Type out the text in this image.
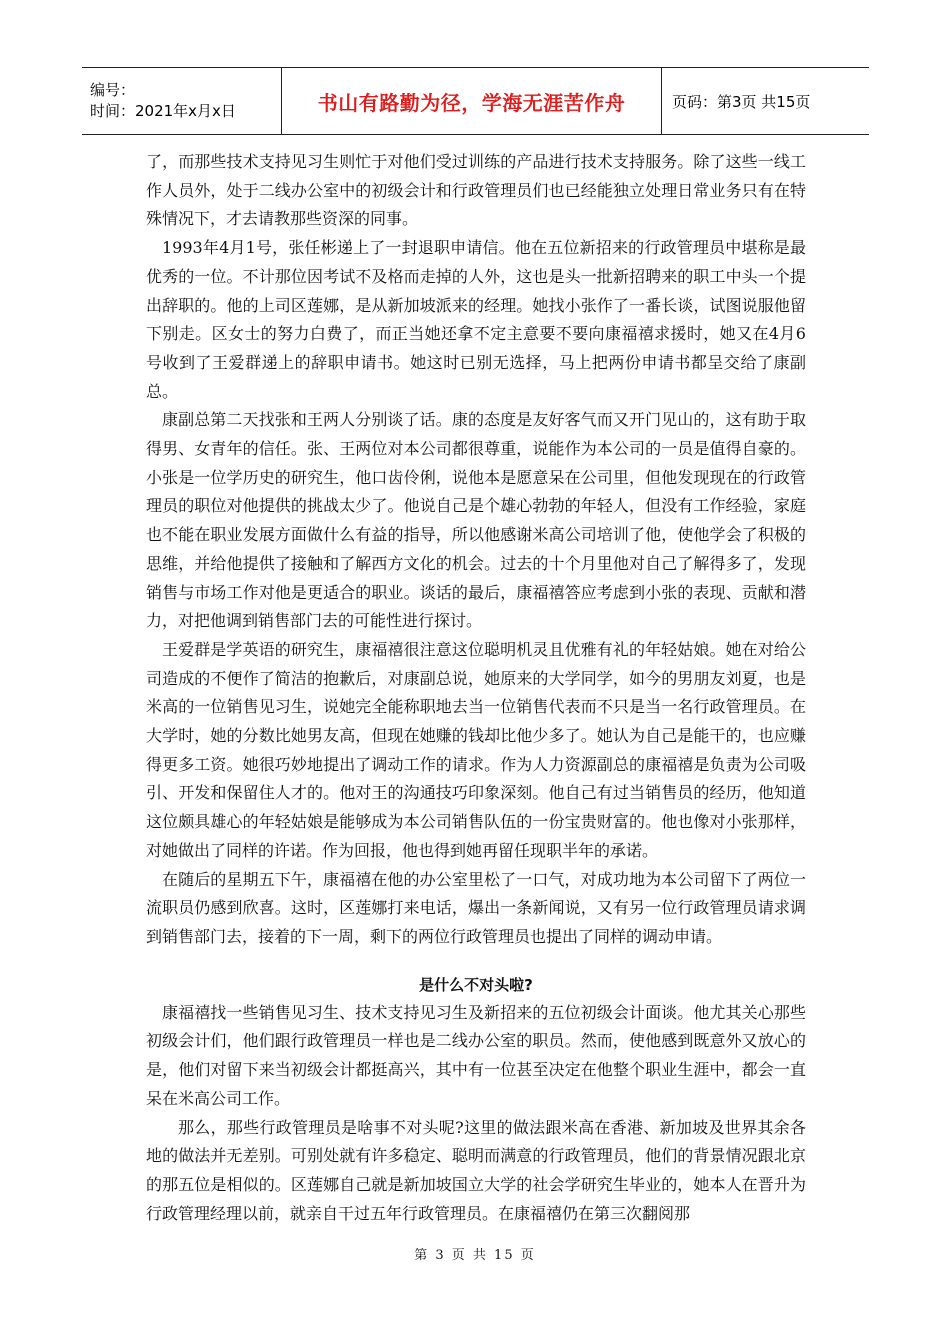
编号：
时间：2021年x月x日	书山有路勤为径，学海无涯苦作舟	页码：第3页 共15页

了，而那些技术支持见习生则忙于对他们受过训练的产品进行技术支持服务。除了这些一线工作人员外，处于二线办公室中的初级会计和行政管理员们也已经能独立处理日常业务只有在特殊情况下，才去请教那些资深的同事。

1993年4月1号，张任彬递上了一封退职申请信。他在五位新招来的行政管理员中堪称是最优秀的一位。不计那位因考试不及格而走掉的人外，这也是头一批新招聘来的职工中头一个提出辞职的。他的上司区莲娜，是从新加坡派来的经理。她找小张作了一番长谈，试图说服他留下别走。区女士的努力白费了，而正当她还拿不定主意要不要向康福禧求援时，她又在4月6号收到了王爱群递上的辞职申请书。她这时已别无选择，马上把两份申请书都呈交给了康副总。

康副总第二天找张和王两人分别谈了话。康的态度是友好客气而又开门见山的，这有助于取得男、女青年的信任。张、王两位对本公司都很尊重，说能作为本公司的一员是值得自豪的。小张是一位学历史的研究生，他口齿伶俐，说他本是愿意呆在公司里，但他发现现在的行政管理员的职位对他提供的挑战太少了。他说自己是个雄心勃勃的年轻人，但没有工作经验，家庭也不能在职业发展方面做什么有益的指导，所以他感谢米高公司培训了他，使他学会了积极的思维，并给他提供了接触和了解西方文化的机会。过去的十个月里他对自己了解得多了，发现销售与市场工作对他是更适合的职业。谈话的最后，康福禧答应考虑到小张的表现、贡献和潜力，对把他调到销售部门去的可能性进行探讨。

王爱群是学英语的研究生，康福禧很注意这位聪明机灵且优雅有礼的年轻姑娘。她在对给公司造成的不便作了简洁的抱歉后，对康副总说，她原来的大学同学，如今的男朋友刘夏，也是米高的一位销售见习生，说她完全能称职地去当一位销售代表而不只是当一名行政管理员。在大学时，她的分数比她男友高，但现在她赚的钱却比他少多了。她认为自己是能干的，也应赚得更多工资。她很巧妙地提出了调动工作的请求。作为人力资源副总的康福禧是负责为公司吸引、开发和保留住人才的。他对王的沟通技巧印象深刻。他自己有过当销售员的经历，他知道这位颇具雄心的年轻姑娘是能够成为本公司销售队伍的一份宝贵财富的。他也像对小张那样，对她做出了同样的许诺。作为回报，他也得到她再留任现职半年的承诺。

在随后的星期五下午，康福禧在他的办公室里松了一口气，对成功地为本公司留下了两位一流职员仍感到欣喜。这时，区莲娜打来电话，爆出一条新闻说，又有另一位行政管理员请求调到销售部门去，接着的下一周，剩下的两位行政管理员也提出了同样的调动申请。

是什么不对头啦?

康福禧找一些销售见习生、技术支持见习生及新招来的五位初级会计面谈。他尤其关心那些初级会计们，他们跟行政管理员一样也是二线办公室的职员。然而，使他感到既意外又放心的是，他们对留下来当初级会计都挺高兴，其中有一位甚至决定在他整个职业生涯中，都会一直呆在米高公司工作。

那么，那些行政管理员是啥事不对头呢?这里的做法跟米高在香港、新加坡及世界其余各地的做法并无差别。可别处就有许多稳定、聪明而满意的行政管理员，他们的背景情况跟北京的那五位是相似的。区莲娜自己就是新加坡国立大学的社会学研究生毕业的，她本人在晋升为行政管理经理以前，就亲自干过五年行政管理员。在康福禧仍在第三次翻阅那

第 3 页 共 15 页
